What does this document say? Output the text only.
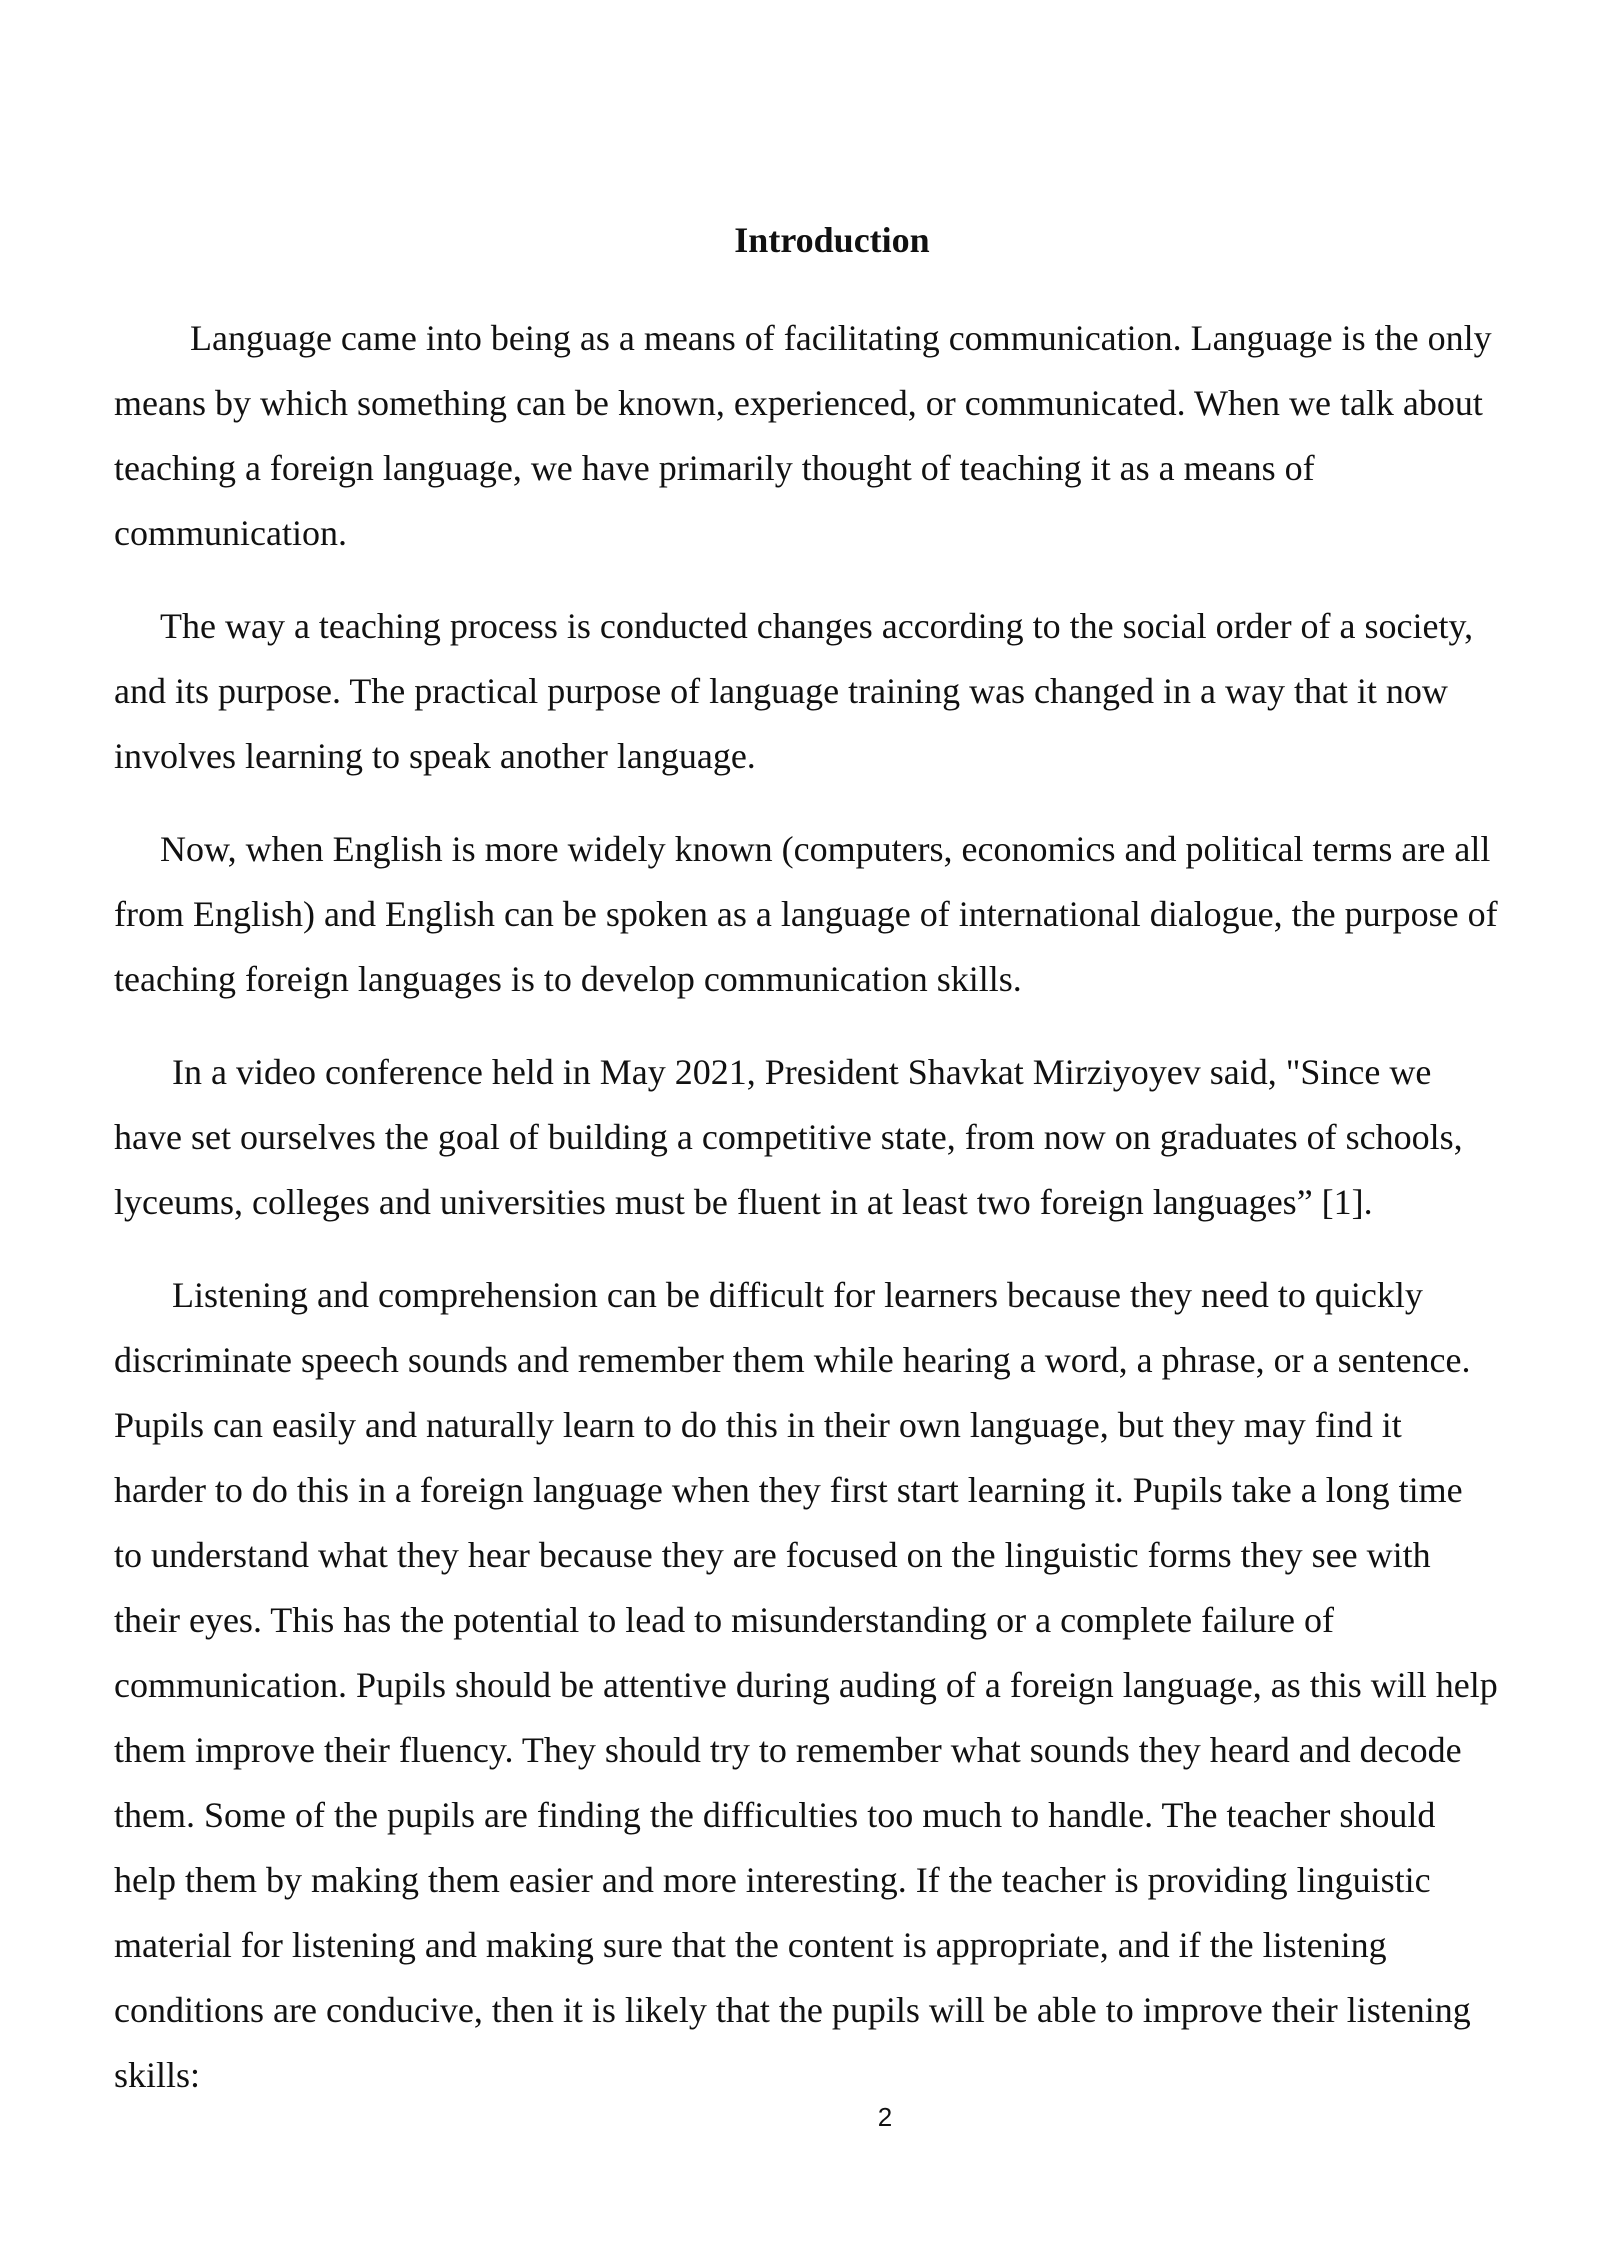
Introduction

Language came into being as a means of facilitating communication. Language is the only
means by which something can be known, experienced, or communicated. When we talk about
teaching a foreign language, we have primarily thought of teaching it as a means of
communication.

The way a teaching process is conducted changes according to the social order of a society,
and its purpose. The practical purpose of language training was changed in a way that it now
involves learning to speak another language.

Now, when English is more widely known (computers, economics and political terms are all
from English) and English can be spoken as a language of international dialogue, the purpose of
teaching foreign languages is to develop communication skills.

In a video conference held in May 2021, President Shavkat Mirziyoyev said, "Since we
have set ourselves the goal of building a competitive state, from now on graduates of schools,
lyceums, colleges and universities must be fluent in at least two foreign languages” [1].

Listening and comprehension can be difficult for learners because they need to quickly
discriminate speech sounds and remember them while hearing a word, a phrase, or a sentence.
Pupils can easily and naturally learn to do this in their own language, but they may find it
harder to do this in a foreign language when they first start learning it. Pupils take a long time
to understand what they hear because they are focused on the linguistic forms they see with
their eyes. This has the potential to lead to misunderstanding or a complete failure of
communication. Pupils should be attentive during auding of a foreign language, as this will help
them improve their fluency. They should try to remember what sounds they heard and decode
them. Some of the pupils are finding the difficulties too much to handle. The teacher should
help them by making them easier and more interesting. If the teacher is providing linguistic
material for listening and making sure that the content is appropriate, and if the listening
conditions are conducive, then it is likely that the pupils will be able to improve their listening
skills:

2
